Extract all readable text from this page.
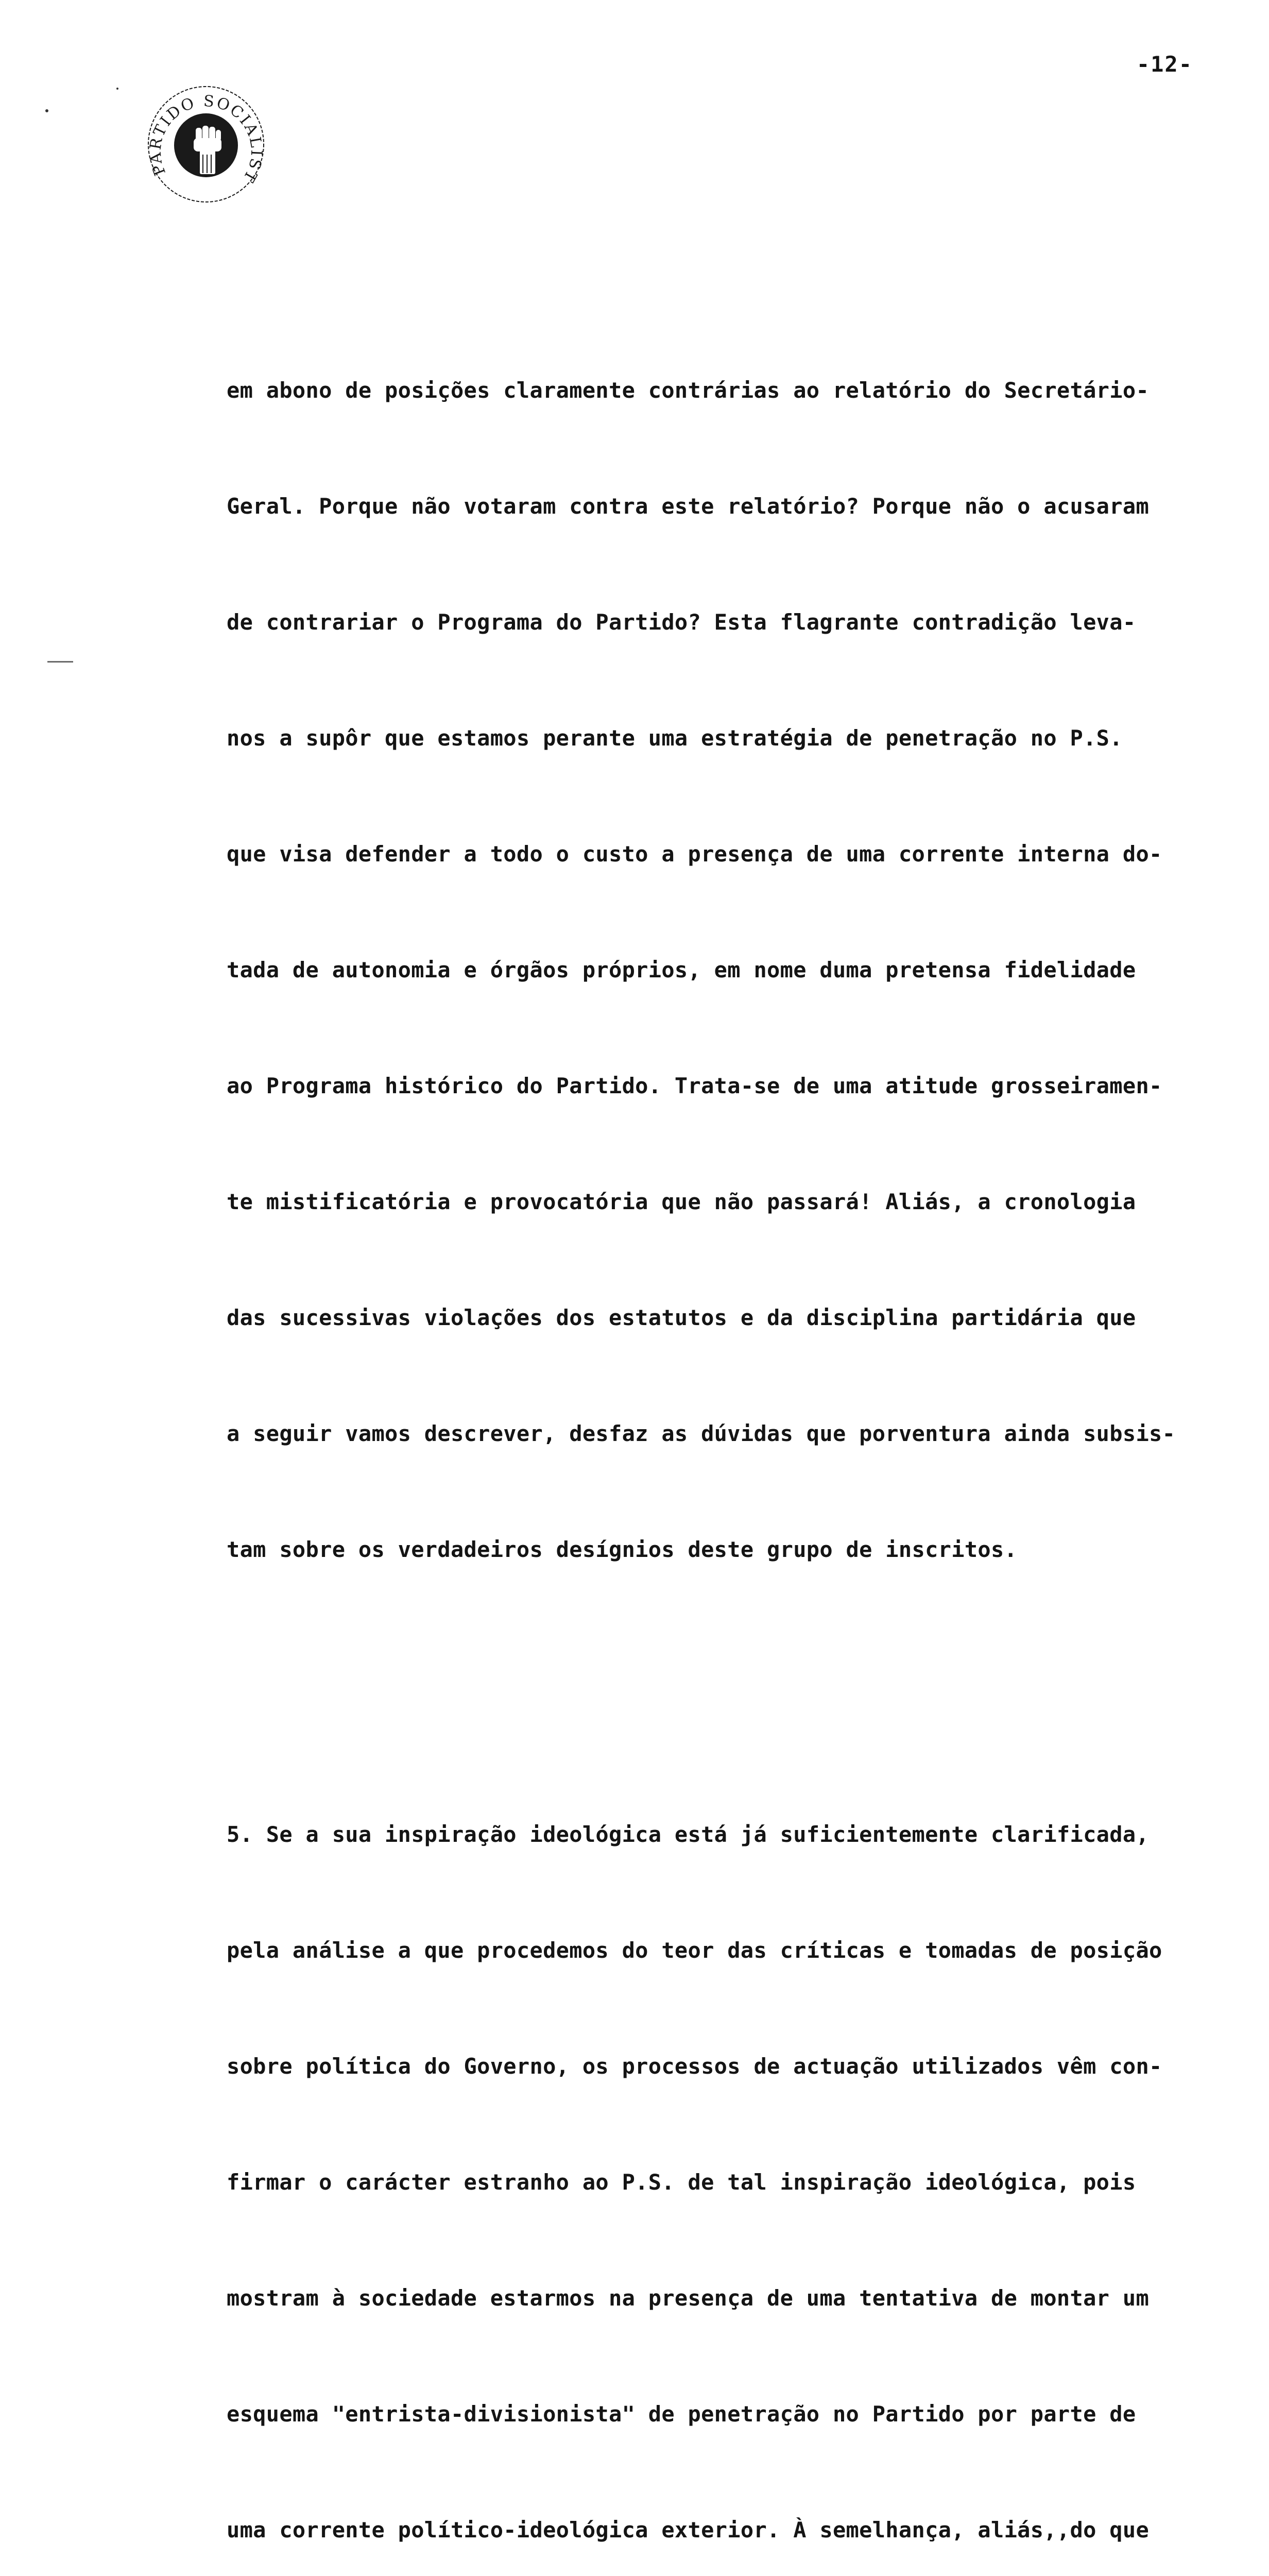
-12-
PARTIDO SOCIALIST

em abono de posições claramente contrárias ao relatório do Secretário-

Geral. Porque não votaram contra este relatório? Porque não o acusaram

de contrariar o Programa do Partido? Esta flagrante contradição leva-

nos a supôr que estamos perante uma estratégia de penetração no P.S.

que visa defender a todo o custo a presença de uma corrente interna do-

tada de autonomia e órgãos próprios, em nome duma pretensa fidelidade

ao Programa histórico do Partido. Trata-se de uma atitude grosseiramen-

te mistificatória e provocatória que não passará! Aliás, a cronologia

das sucessivas violações dos estatutos e da disciplina partidária que

a seguir vamos descrever, desfaz as dúvidas que porventura ainda subsis-

tam sobre os verdadeiros desígnios deste grupo de inscritos.

5. Se a sua inspiração ideológica está já suficientemente clarificada,

pela análise a que procedemos do teor das críticas e tomadas de posição

sobre política do Governo, os processos de actuação utilizados vêm con-

firmar o carácter estranho ao P.S. de tal inspiração ideológica, pois

mostram à sociedade estarmos na presença de uma tentativa de montar um

esquema "entrista-divisionista" de penetração no Partido por parte de

uma corrente político-ideológica exterior. À semelhança, aliás,,do que
